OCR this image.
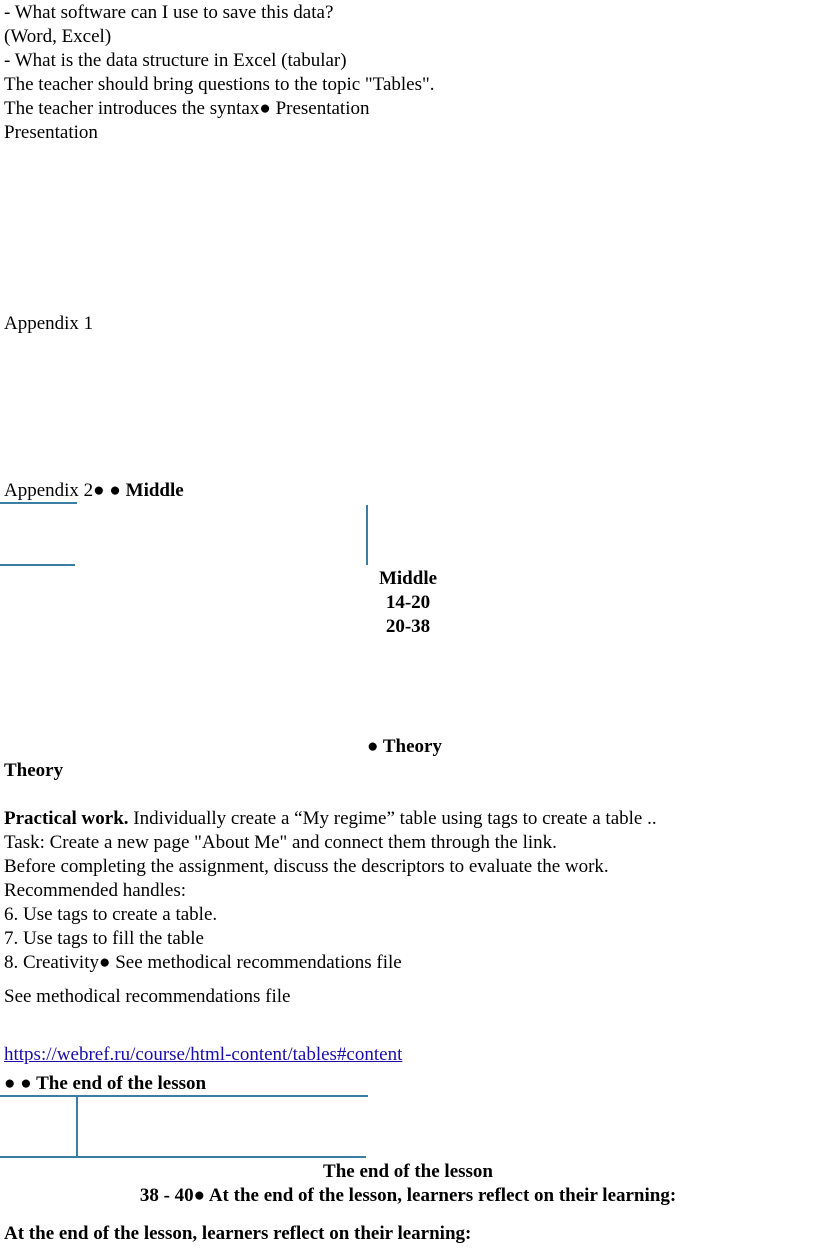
- What software can I use to save this data?

(Word, Excel)

- What is the data structure in Excel (tabular)

The teacher should bring questions to the topic "Tables".

The teacher introduces the syntax● Presentation

Presentation

Appendix 1

Appendix 2● ● Middle

Middle
14-20
20-38

● Theory

Theory

Practical work. Individually create a “My regime” table using tags to create a table ..

Task: Create a new page "About Me" and connect them through the link.

Before completing the assignment, discuss the descriptors to evaluate the work.

Recommended handles:

6. Use tags to create a table.

7. Use tags to fill the table

8. Creativity● See methodical recommendations file

See methodical recommendations file

https://webref.ru/course/html-content/tables#content

● ● The end of the lesson

The end of the lesson
38 - 40● At the end of the lesson, learners reflect on their learning:

At the end of the lesson, learners reflect on their learning:
